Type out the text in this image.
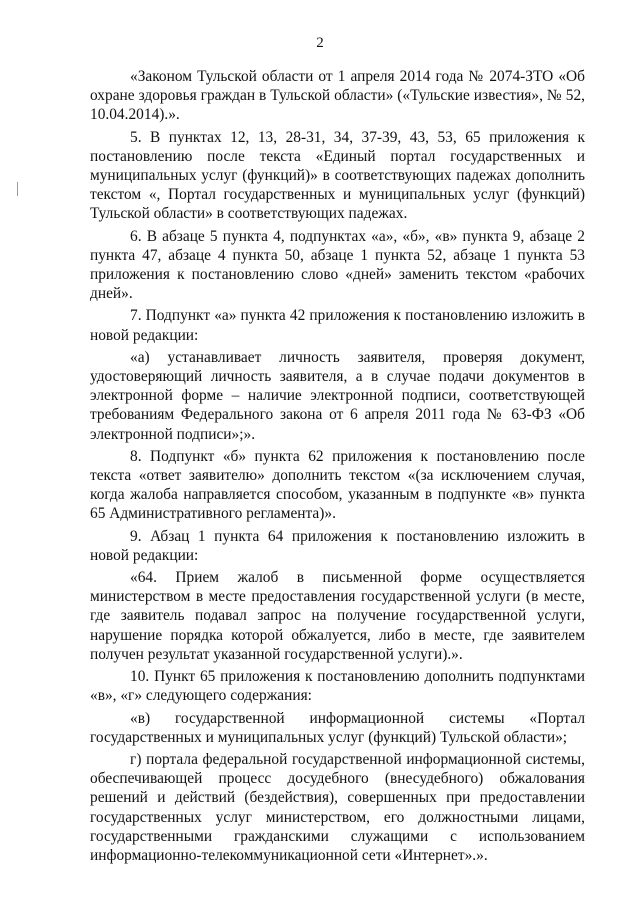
2

«Законом Тульской области от 1 апреля 2014 года № 2074-ЗТО «Об охране здоровья граждан в Тульской области» («Тульские известия», № 52, 10.04.2014).».

5. В пунктах 12, 13, 28-31, 34, 37-39, 43, 53, 65 приложения к постановлению после текста «Единый портал государственных и муниципальных услуг (функций)» в соответствующих падежах дополнить текстом «, Портал государственных и муниципальных услуг (функций) Тульской области» в соответствующих падежах.

6. В абзаце 5 пункта 4, подпунктах «а», «б», «в» пункта 9, абзаце 2 пункта 47, абзаце 4 пункта 50, абзаце 1 пункта 52, абзаце 1 пункта 53 приложения к постановлению слово «дней» заменить текстом «рабочих дней».

7. Подпункт «а» пункта 42 приложения к постановлению изложить в новой редакции:

«а) устанавливает личность заявителя, проверяя документ, удостоверяющий личность заявителя, а в случае подачи документов в электронной форме – наличие электронной подписи, соответствующей требованиям Федерального закона от 6 апреля 2011 года № 63-ФЗ «Об электронной подписи»;».

8. Подпункт «б» пункта 62 приложения к постановлению после текста «ответ заявителю» дополнить текстом «(за исключением случая, когда жалоба направляется способом, указанным в подпункте «в» пункта 65 Административного регламента)».

9. Абзац 1 пункта 64 приложения к постановлению изложить в новой редакции:

«64. Прием жалоб в письменной форме осуществляется министерством в месте предоставления государственной услуги (в месте, где заявитель подавал запрос на получение государственной услуги, нарушение порядка которой обжалуется, либо в месте, где заявителем получен результат указанной государственной услуги).».

10. Пункт 65 приложения к постановлению дополнить подпунктами «в», «г» следующего содержания:

«в) государственной информационной системы «Портал государственных и муниципальных услуг (функций) Тульской области»;

г) портала федеральной государственной информационной системы, обеспечивающей процесс досудебного (внесудебного) обжалования решений и действий (бездействия), совершенных при предоставлении государственных услуг министерством, его должностными лицами, государственными гражданскими служащими с использованием информационно-телекоммуникационной сети «Интернет».».
